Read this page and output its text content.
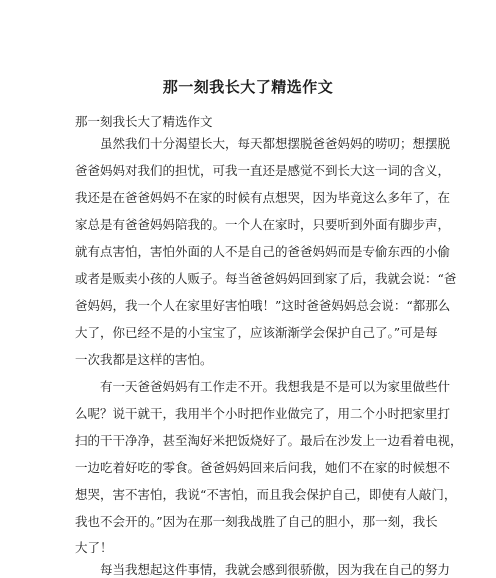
那一刻我长大了精选作文
那一刻我长大了精选作文
虽然我们十分渴望长大，每天都想摆脱爸爸妈妈的唠叨；想摆脱
爸爸妈妈对我们的担忧，可我一直还是感觉不到长大这一词的含义，
我还是在爸爸妈妈不在家的时候有点想哭，因为毕竟这么多年了，在
家总是有爸爸妈妈陪我的。一个人在家时，只要听到外面有脚步声，
就有点害怕，害怕外面的人不是自己的爸爸妈妈而是专偷东西的小偷
或者是贩卖小孩的人贩子。每当爸爸妈妈回到家了后，我就会说：“爸
爸妈妈，我一个人在家里好害怕哦！”这时爸爸妈妈总会说：“都那么
大了，你已经不是的小宝宝了，应该渐渐学会保护自己了。”可是每
一次我都是这样的害怕。
有一天爸爸妈妈有工作走不开。我想我是不是可以为家里做些什
么呢？说干就干，我用半个小时把作业做完了，用二个小时把家里打
扫的干干净净，甚至淘好米把饭烧好了。最后在沙发上一边看着电视，
一边吃着好吃的零食。爸爸妈妈回来后问我，她们不在家的时候想不
想哭，害不害怕，我说“不害怕，而且我会保护自己，即使有人敲门，
我也不会开的。”因为在那一刻我战胜了自己的胆小，那一刻，我长
大了！
每当我想起这件事情，我就会感到很骄傲，因为我在自己的努力
